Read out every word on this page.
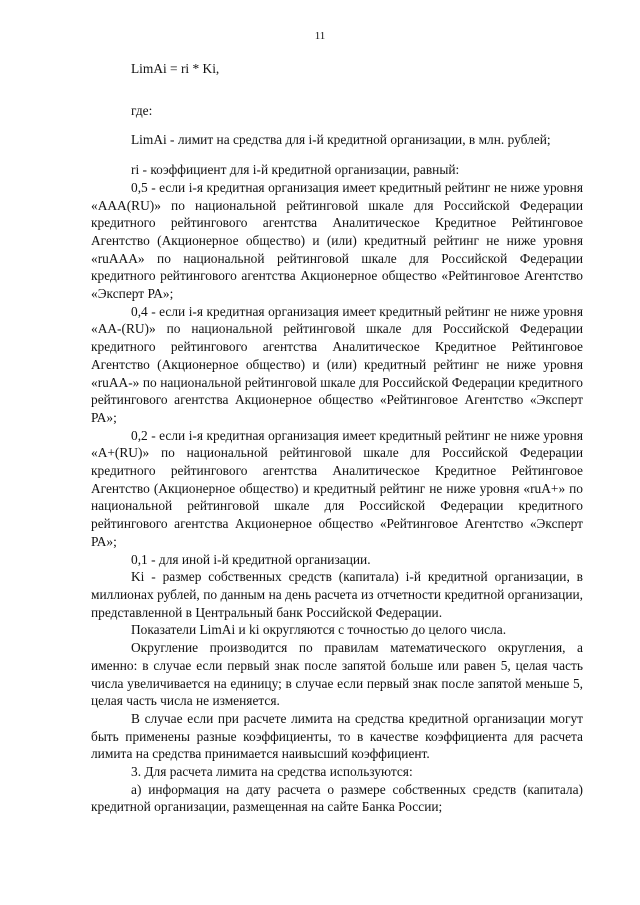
11

LimAi = ri * Ki,

где:

LimAi - лимит на средства для i-й кредитной организации, в млн. рублей;

ri - коэффициент для i-й кредитной организации, равный:

0,5 - если i-я кредитная организация имеет кредитный рейтинг не ниже уровня «AAA(RU)» по национальной рейтинговой шкале для Российской Федерации кредитного рейтингового агентства Аналитическое Кредитное Рейтинговое Агентство (Акционерное общество) и (или) кредитный рейтинг не ниже уровня «ruAAA» по национальной рейтинговой шкале для Российской Федерации кредитного рейтингового агентства Акционерное общество «Рейтинговое Агентство «Эксперт РА»;

0,4 - если i-я кредитная организация имеет кредитный рейтинг не ниже уровня «AA-(RU)» по национальной рейтинговой шкале для Российской Федерации кредитного рейтингового агентства Аналитическое Кредитное Рейтинговое Агентство (Акционерное общество) и (или) кредитный рейтинг не ниже уровня «ruAA-» по национальной рейтинговой шкале для Российской Федерации кредитного рейтингового агентства Акционерное общество «Рейтинговое Агентство «Эксперт РА»;

0,2 - если i-я кредитная организация имеет кредитный рейтинг не ниже уровня «A+(RU)» по национальной рейтинговой шкале для Российской Федерации кредитного рейтингового агентства Аналитическое Кредитное Рейтинговое Агентство (Акционерное общество) и кредитный рейтинг не ниже уровня «ruA+» по национальной рейтинговой шкале для Российской Федерации кредитного рейтингового агентства Акционерное общество «Рейтинговое Агентство «Эксперт РА»;

0,1 - для иной i-й кредитной организации.

Ki - размер собственных средств (капитала) i-й кредитной организации, в миллионах рублей, по данным на день расчета из отчетности кредитной организации, представленной в Центральный банк Российской Федерации.

Показатели LimAi и ki округляются с точностью до целого числа.

Округление производится по правилам математического округления, а именно: в случае если первый знак после запятой больше или равен 5, целая часть числа увеличивается на единицу; в случае если первый знак после запятой меньше 5, целая часть числа не изменяется.

В случае если при расчете лимита на средства кредитной организации могут быть применены разные коэффициенты, то в качестве коэффициента для расчета лимита на средства принимается наивысший коэффициент.

3. Для расчета лимита на средства используются:

а) информация на дату расчета о размере собственных средств (капитала) кредитной организации, размещенная на сайте Банка России;
